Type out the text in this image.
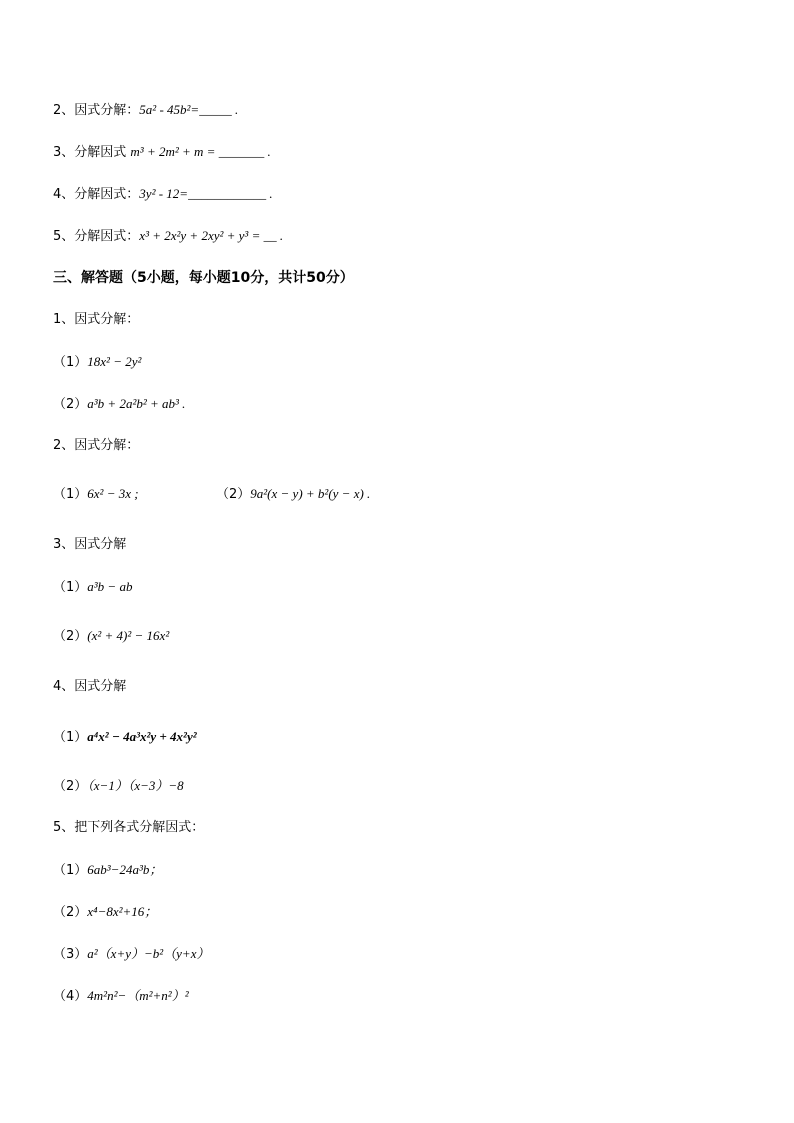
2、因式分解：5a² - 45b²=_____ .
3、分解因式 m³ + 2m² + m = _______ .
4、分解因式：3y² - 12=____________ .
5、分解因式：x³ + 2x²y + 2xy² + y³ = __ .
三、解答题（5小题，每小题10分，共计50分）
1、因式分解：
（1）18x² − 2y²
（2）a³b + 2a²b² + ab³ .
2、因式分解：
（1）6x² − 3x ;	（2）9a²(x − y) + b²(y − x) .
3、因式分解
（1）a³b − ab
（2）(x² + 4)² − 16x²
4、因式分解
（1）a⁴x² − 4a³x²y + 4x²y²
（2）（x−1）（x−3）−8
5、把下列各式分解因式：
（1）6ab³−24a³b；
（2）x⁴−8x²+16；
（3）a²（x+y）−b²（y+x）
（4）4m²n²−（m²+n²）²
